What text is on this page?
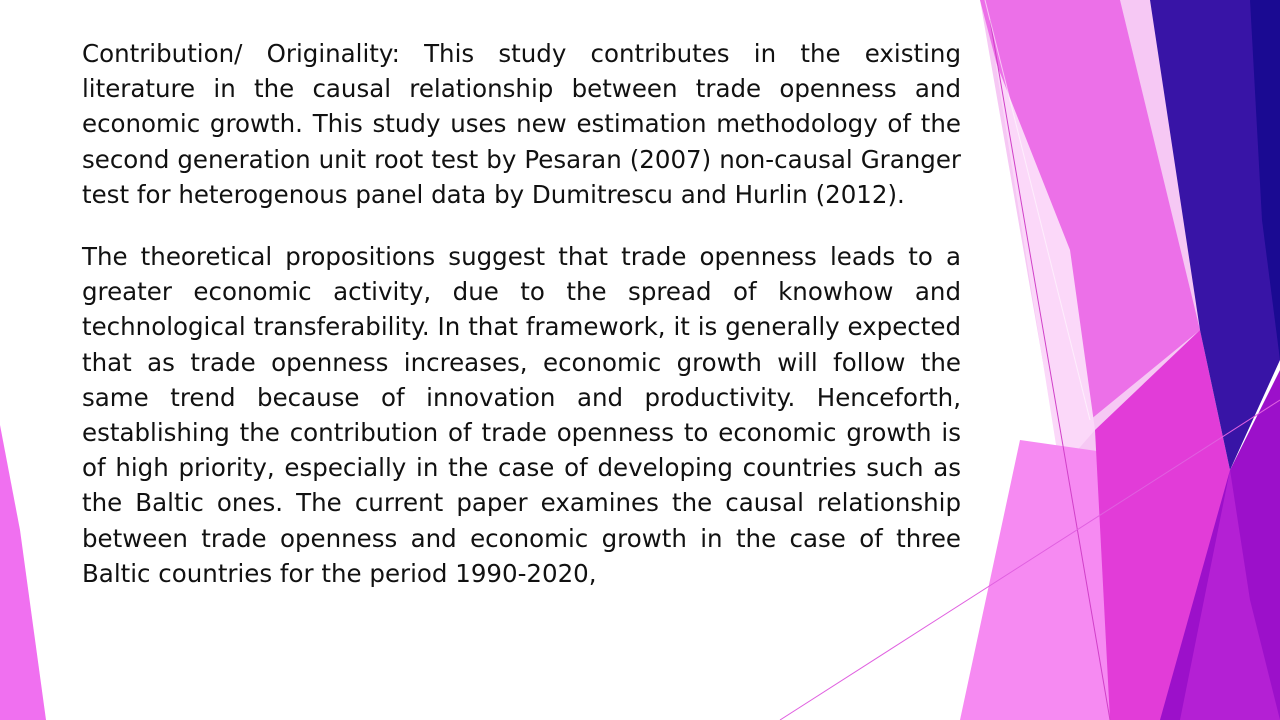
Contribution/ Originality: This study contributes in the existing literature in the causal relationship between trade openness and economic growth. This study uses new estimation methodology of the second generation unit root test by Pesaran (2007) non-causal Granger test for heterogenous panel data by Dumitrescu and Hurlin (2012).

The theoretical propositions suggest that trade openness leads to a greater economic activity, due to the spread of knowhow and technological transferability. In that framework, it is generally expected that as trade openness increases, economic growth will follow the same trend because of innovation and productivity. Henceforth, establishing the contribution of trade openness to economic growth is of high priority, especially in the case of developing countries such as the Baltic ones. The current paper examines the causal relationship between trade openness and economic growth in the case of three Baltic countries for the period 1990-2020,
